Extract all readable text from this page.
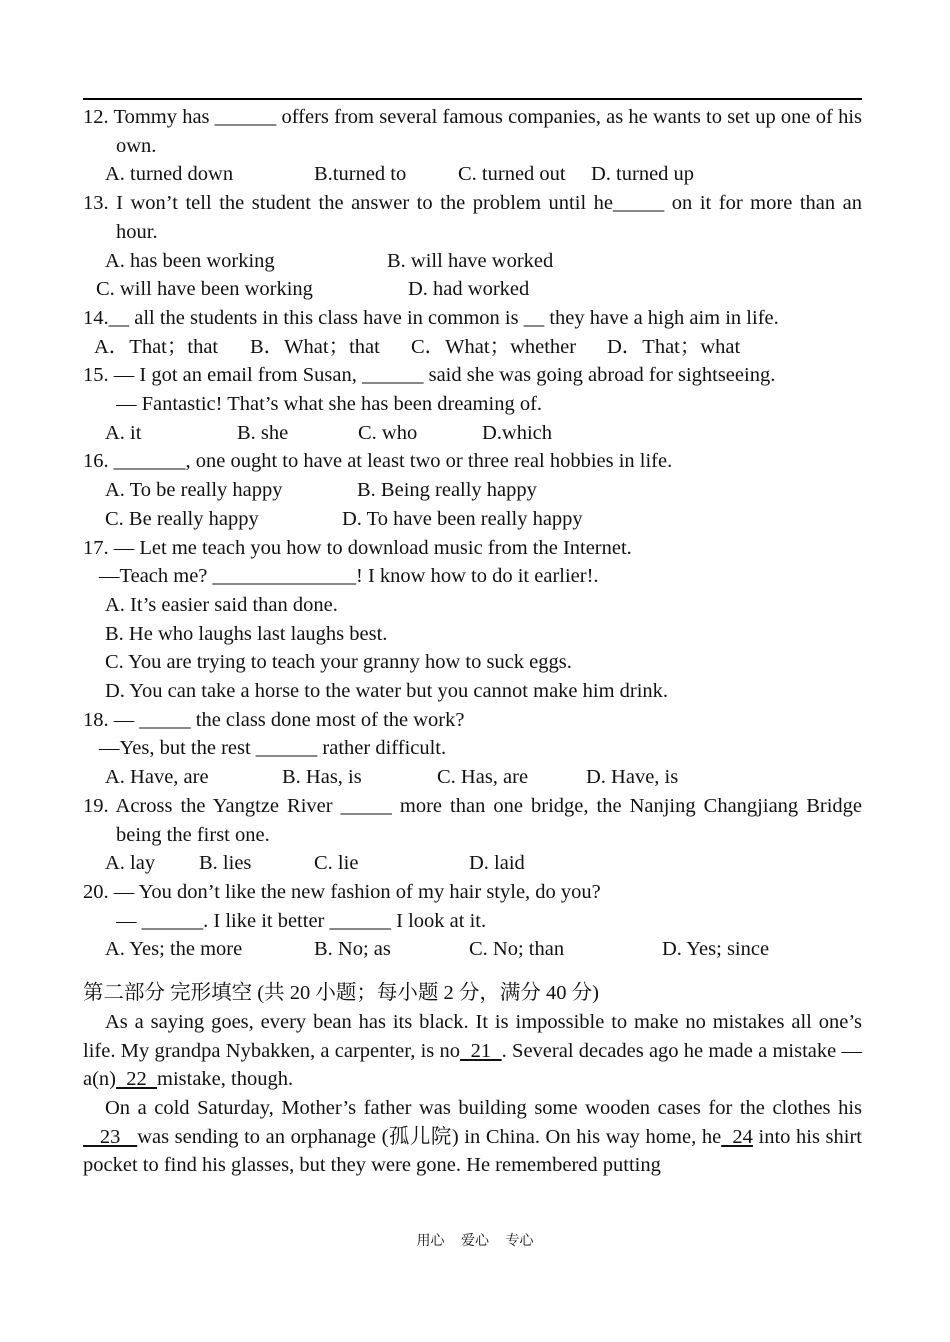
12. Tommy has ______ offers from several famous companies, as he wants to set up one of his own.
A. turned down	B.turned to	C. turned out D. turned up
13. I won’t tell the student the answer to the problem until he_____ on it for more than an hour.
A. has been working	B. will have worked
C. will have been working	D. had worked
14.__ all the students in this class have in common is __ they have a high aim in life.
A．That；that B．What；that C．What；whether D．That；what
15. — I got an email from Susan, ______ said she was going abroad for sightseeing.
— Fantastic! That’s what she has been dreaming of.
A. it	B. she	C. who	D.which
16. _______, one ought to have at least two or three real hobbies in life.
A. To be really happy	B. Being really happy
C. Be really happy	D. To have been really happy
17. — Let me teach you how to download music from the Internet.
—Teach me? ______________! I know how to do it earlier!.
A. It’s easier said than done.
B. He who laughs last laughs best.
C. You are trying to teach your granny how to suck eggs.
D. You can take a horse to the water but you cannot make him drink.
18. — _____ the class done most of the work?
—Yes, but the rest ______ rather difficult.
A. Have, are	B. Has, is	C. Has, are	D. Have, is
19. Across the Yangtze River _____ more than one bridge, the Nanjing Changjiang Bridge being the first one.
A. lay B. lies	C. lie	D. laid
20. — You don’t like the new fashion of my hair style, do you?
— ______. I like it better ______ I look at it.
A. Yes; the more	B. No; as	C. No; than	D. Yes; since
第二部分 完形填空 (共 20 小题；每小题 2 分，满分 40 分)
As a saying goes, every bean has its black. It is impossible to make no mistakes all one’s life. My grandpa Nybakken, a carpenter, is no  21  . Several decades ago he made a mistake — a(n)  22  mistake, though.
On a cold Saturday, Mother’s father was building some wooden cases for the clothes his   23   was sending to an orphanage (孤儿院) in China. On his way home, he  24 into his shirt pocket to find his glasses, but they were gone. He remembered putting
用心 爱心 专心
